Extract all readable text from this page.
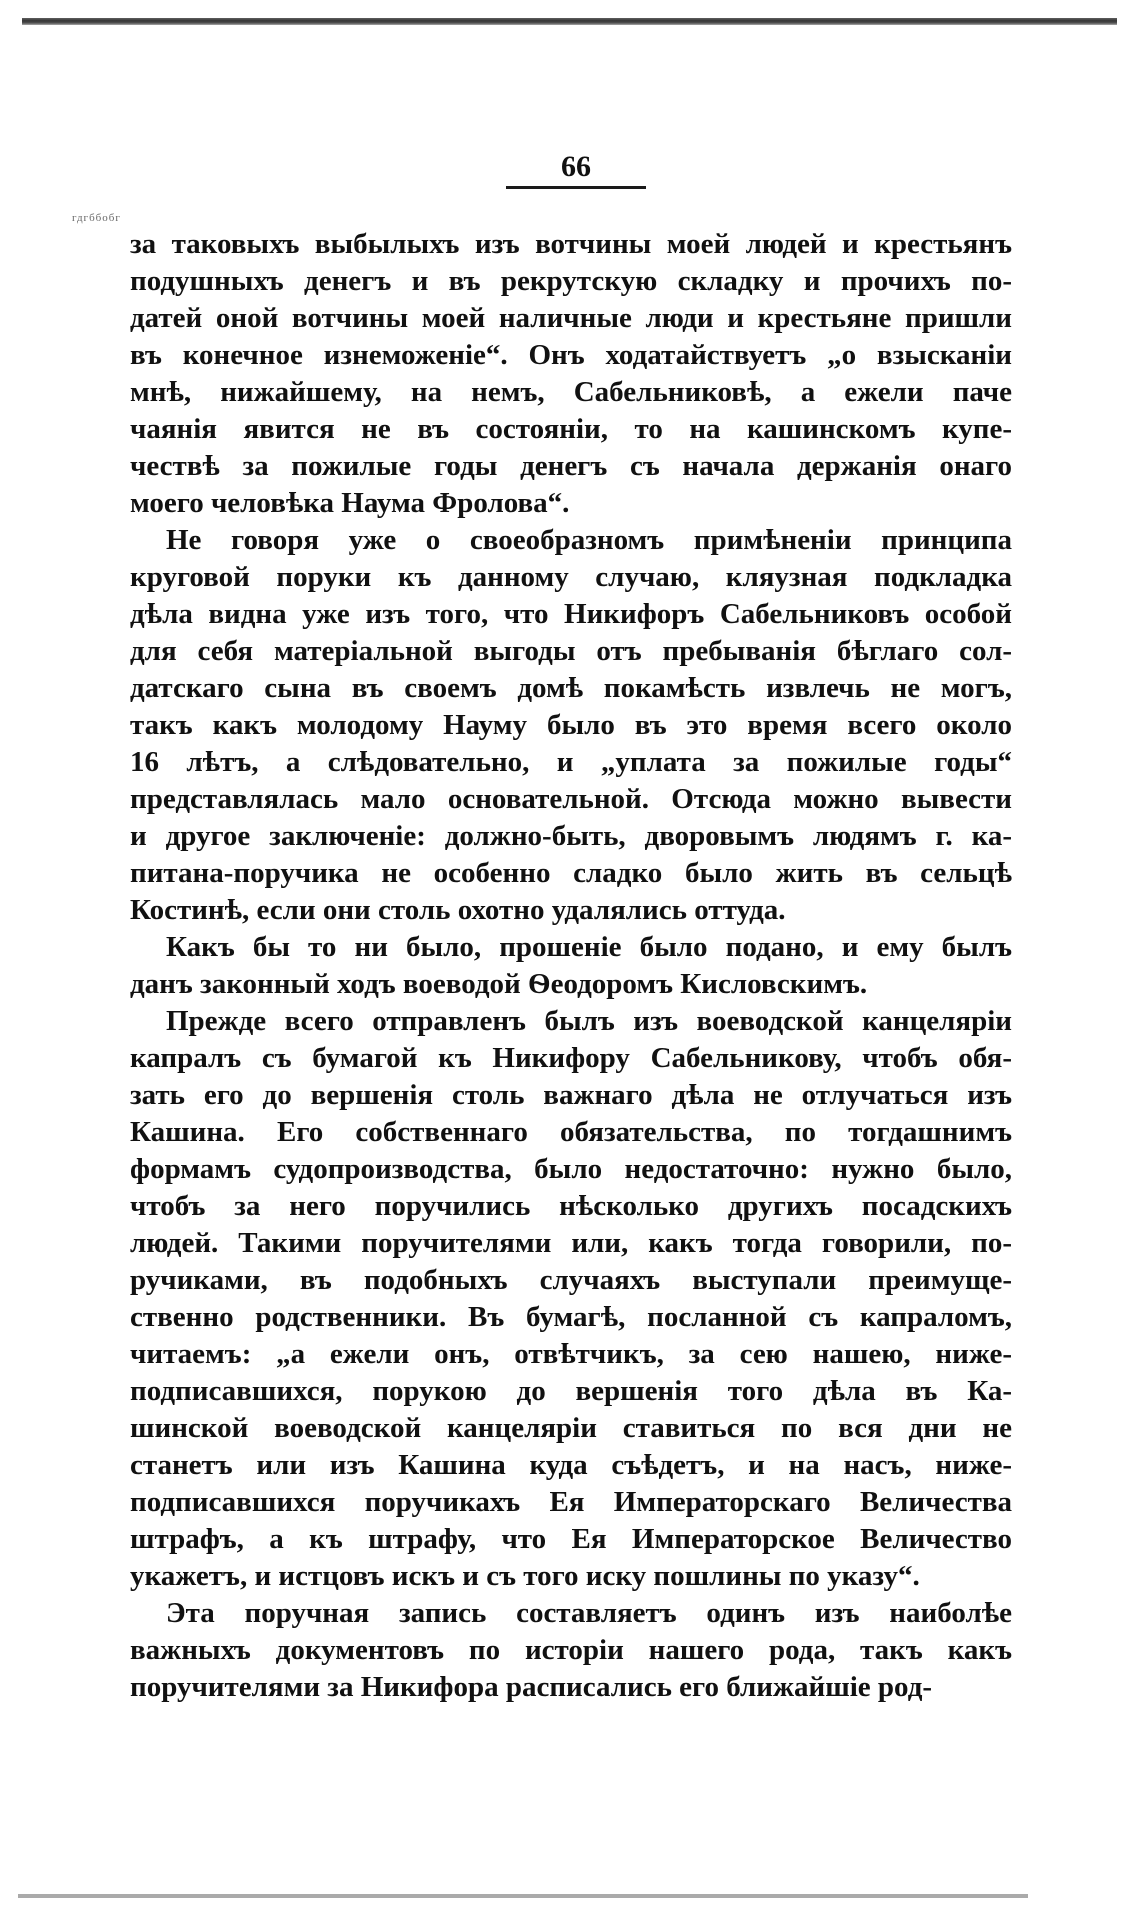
66
гдгббобг
за таковыхъ выбылыхъ изъ вотчины моей людей и крестьянъ
подушныхъ денегъ и въ рекрутскую складку и прочихъ по-
датей оной вотчины моей наличные люди и крестьяне пришли
въ конечное изнеможеніе“. Онъ ходатайствуетъ „о взысканіи
мнѣ, нижайшему, на немъ, Сабельниковѣ, а ежели паче
чаянія явится не въ состояніи, то на кашинскомъ купе-
чествѣ за пожилые годы денегъ съ начала держанія онаго
моего человѣка Наума Фролова“.
Не говоря уже о своеобразномъ примѣненіи принципа
круговой поруки къ данному случаю, кляузная подкладка
дѣла видна уже изъ того, что Никифоръ Сабельниковъ особой
для себя матеріальной выгоды отъ пребыванія бѣглаго сол-
датскаго сына въ своемъ домѣ покамѣсть извлечь не могъ,
такъ какъ молодому Науму было въ это время всего около
16 лѣтъ, а слѣдовательно, и „уплата за пожилые годы“
представлялась мало основательной. Отсюда можно вывести
и другое заключеніе: должно-быть, дворовымъ людямъ г. ка-
питана-поручика не особенно сладко было жить въ сельцѣ
Костинѣ, если они столь охотно удалялись оттуда.
Какъ бы то ни было, прошеніе было подано, и ему былъ
данъ законный ходъ воеводой Ѳеодоромъ Кисловскимъ.
Прежде всего отправленъ былъ изъ воеводской канцеляріи
капралъ съ бумагой къ Никифору Сабельникову, чтобъ обя-
зать его до вершенія столь важнаго дѣла не отлучаться изъ
Кашина. Его собственнаго обязательства, по тогдашнимъ
формамъ судопроизводства, было недостаточно: нужно было,
чтобъ за него поручились нѣсколько другихъ посадскихъ
людей. Такими поручителями или, какъ тогда говорили, по-
ручиками, въ подобныхъ случаяхъ выступали преимуще-
ственно родственники. Въ бумагѣ, посланной съ капраломъ,
читаемъ: „а ежели онъ, отвѣтчикъ, за сею нашею, ниже-
подписавшихся, порукою до вершенія того дѣла въ Ка-
шинской воеводской канцеляріи ставиться по вся дни не
станетъ или изъ Кашина куда съѣдетъ, и на насъ, ниже-
подписавшихся поручикахъ Ея Императорскаго Величества
штрафъ, а къ штрафу, что Ея Императорское Величество
укажетъ, и истцовъ искъ и съ того иску пошлины по указу“.
Эта поручная запись составляетъ одинъ изъ наиболѣе
важныхъ документовъ по исторіи нашего рода, такъ какъ
поручителями за Никифора расписались его ближайшіе род-
